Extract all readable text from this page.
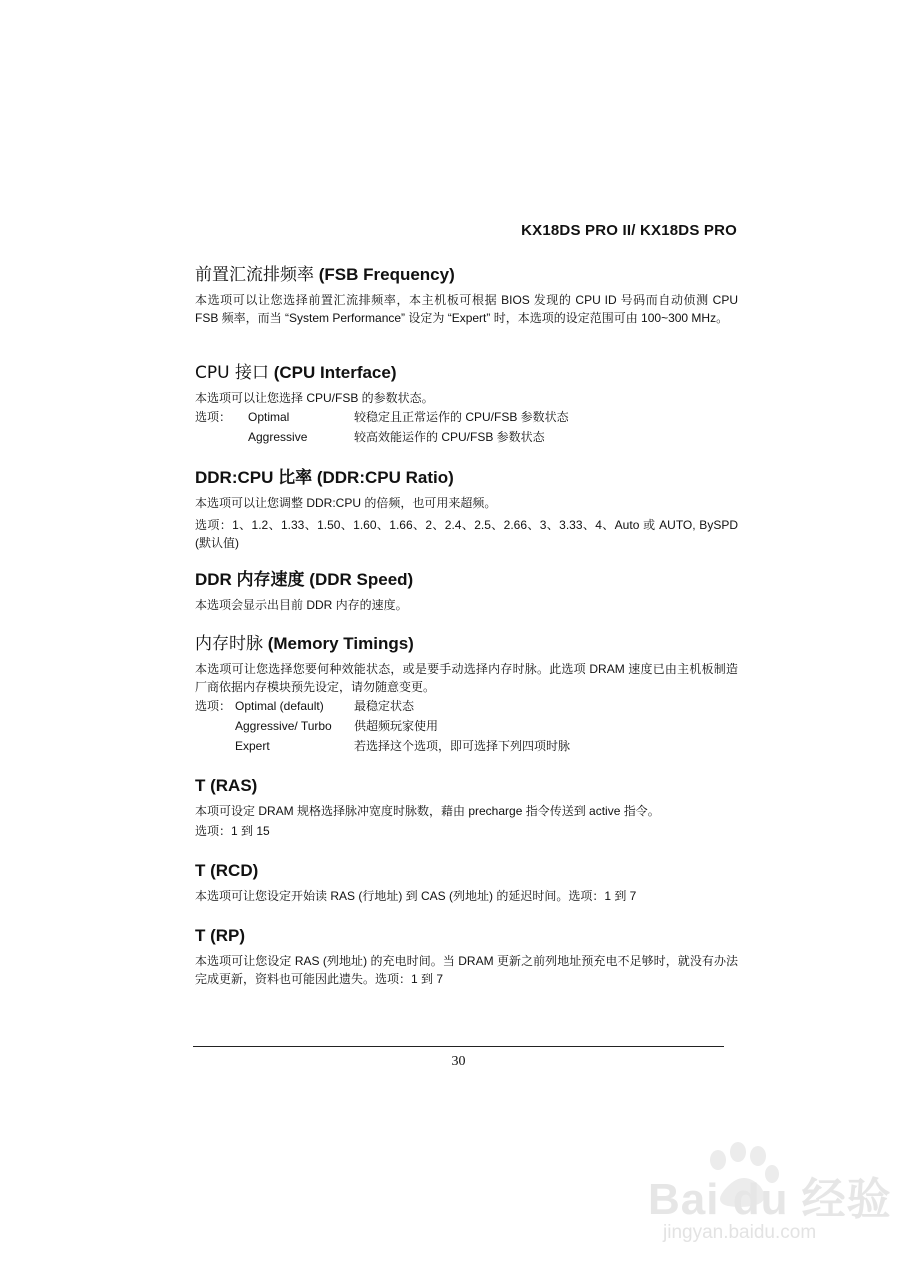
KX18DS PRO II/ KX18DS PRO
前置汇流排频率 (FSB Frequency)

本选项可以让您选择前置汇流排频率，本主机板可根据 BIOS 发现的 CPU ID 号码而自动侦测 CPU FSB 频率，而当 “System Performance” 设定为 “Expert” 时，本选项的设定范围可由 100~300 MHz。

CPU 接口 (CPU Interface)

本选项可以让您选择 CPU/FSB 的参数状态。

选项： Optimal	较稳定且正常运作的 CPU/FSB 参数状态
Aggressive	较高效能运作的 CPU/FSB 参数状态
DDR:CPU 比率 (DDR:CPU Ratio)

本选项可以让您调整 DDR:CPU 的倍频，也可用来超频。

选项：1、1.2、1.33、1.50、1.60、1.66、2、2.4、2.5、2.66、3、3.33、4、Auto 或 AUTO, BySPD (默认值)

DDR 内存速度 (DDR Speed)

本选项会显示出目前 DDR 内存的速度。

内存时脉 (Memory Timings)

本选项可让您选择您要何种效能状态，或是要手动选择内存时脉。此选项 DRAM 速度已由主机板制造厂商依据内存模块预先设定，请勿随意变更。

选项： Optimal (default)	最稳定状态
Aggressive/ Turbo 供超频玩家使用
Expert	若选择这个选项，即可选择下列四项时脉
T (RAS)

本项可设定 DRAM 规格选择脉冲宽度时脉数，藉由 precharge 指令传送到 active 指令。

选项：1 到 15

T (RCD)

本选项可让您设定开始读 RAS (行地址) 到 CAS (列地址) 的延迟时间。选项：1 到 7

T (RP)

本选项可让您设定 RAS (列地址) 的充电时间。当 DRAM 更新之前列地址预充电不足够时，就没有办法完成更新，资料也可能因此遗失。选项：1 到 7

30
Bai du 经验
jingyan.baidu.com
